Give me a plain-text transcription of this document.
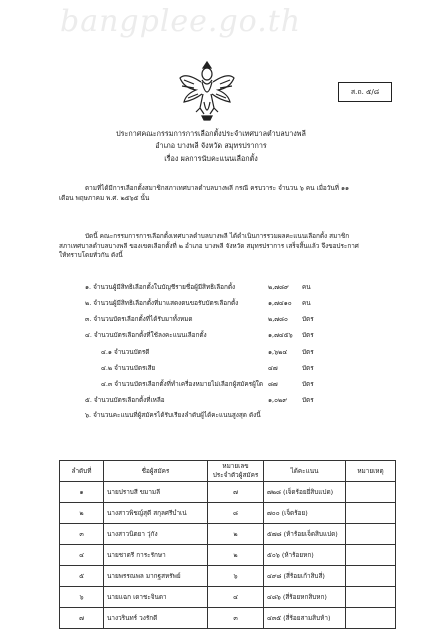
bangplee.go.th
ส.ถ. ๕/๘
ประกาศคณะกรรมการการเลือกตั้งประจำเทศบาลตำบลบางพลี
อำเภอ บางพลี จังหวัด สมุทรปราการ
เรื่อง ผลการนับคะแนนเลือกตั้ง
ตามที่ได้มีการเลือกตั้งสมาชิกสภาเทศบาลตำบลบางพลี กรณี ครบวาระ จำนวน ๖ คน เมื่อวันที่ ๑๑
เดือน พฤษภาคม พ.ศ. ๒๕๖๕ นั้น
บัดนี้ คณะกรรมการการเลือกตั้งเทศบาลตำบลบางพลี ได้ดำเนินการรวมผลคะแนนเลือกตั้ง สมาชิก
สภาเทศบาลตำบลบางพลี ของเขตเลือกตั้งที่ ๒ อำเภอ บางพลี จังหวัด สมุทรปราการ เสร็จสิ้นแล้ว จึงขอประกาศ
ให้ทราบโดยทั่วกัน ดังนี้
๑. จำนวนผู้มีสิทธิเลือกตั้งในบัญชีรายชื่อผู้มีสิทธิเลือกตั้ง	๒,๗๘๙ คน
๒. จำนวนผู้มีสิทธิเลือกตั้งที่มาแสดงตนขอรับบัตรเลือกตั้ง	๑,๗๔๑๐ คน
๓. จำนวนบัตรเลือกตั้งที่ได้รับมาทั้งหมด	๒,๗๘๐ บัตร
๔. จำนวนบัตรเลือกตั้งที่ใช้ลงคะแนนเลือกตั้ง	๑,๗๔๕๖ บัตร
๔.๑ จำนวนบัตรดี	๑,๖๒๔ บัตร
๔.๒ จำนวนบัตรเสีย	๔๗	บัตร
๔.๓ จำนวนบัตรเลือกตั้งที่ทำเครื่องหมายไม่เลือกผู้สมัครผู้ใด ๘๗	บัตร
๕. จำนวนบัตรเลือกตั้งที่เหลือ	๑,๐๒๙ บัตร
๖. จำนวนคะแนนที่ผู้สมัครได้รับเรียงลำดับผู้ได้คะแนนสูงสุด ดังนี้
ลำดับที่	ชื่อผู้สมัคร	หมายเลข
ประจำตัวผู้สมัคร	ได้คะแนน	หมายเหตุ
๑	นายปราบสี ขมามลี	๗	๗๒๘ (เจ็ดร้อยยี่สิบแปด)	
๒	นางสาวพิชญ์สุดี สกุลศรีบำเน่	๘	๗๐๐ (เจ็ดร้อย)	
๓	นางสาวนิตยา วุ่กัง	๒	๕๗๘ (ห้าร้อยเจ็ดสิบแปด)	
๔	นายชาตรี การะรักษา	๒	๕๐๖ (ห้าร้อยหก)	
๕	นายพรรณพล มากฐสหรัพย์	๖	๔๙๘ (สี่ร้อยเก้าสิบสี่)	
๖	นายแฉก เดาชะจินดา	๔	๔๘๖ (สี่ร้อยหกสิบหก)	
๗	นางวรินทร์ วงรักดี	๓	๔๓๕ (สี่ร้อยสามสิบห้า)	
